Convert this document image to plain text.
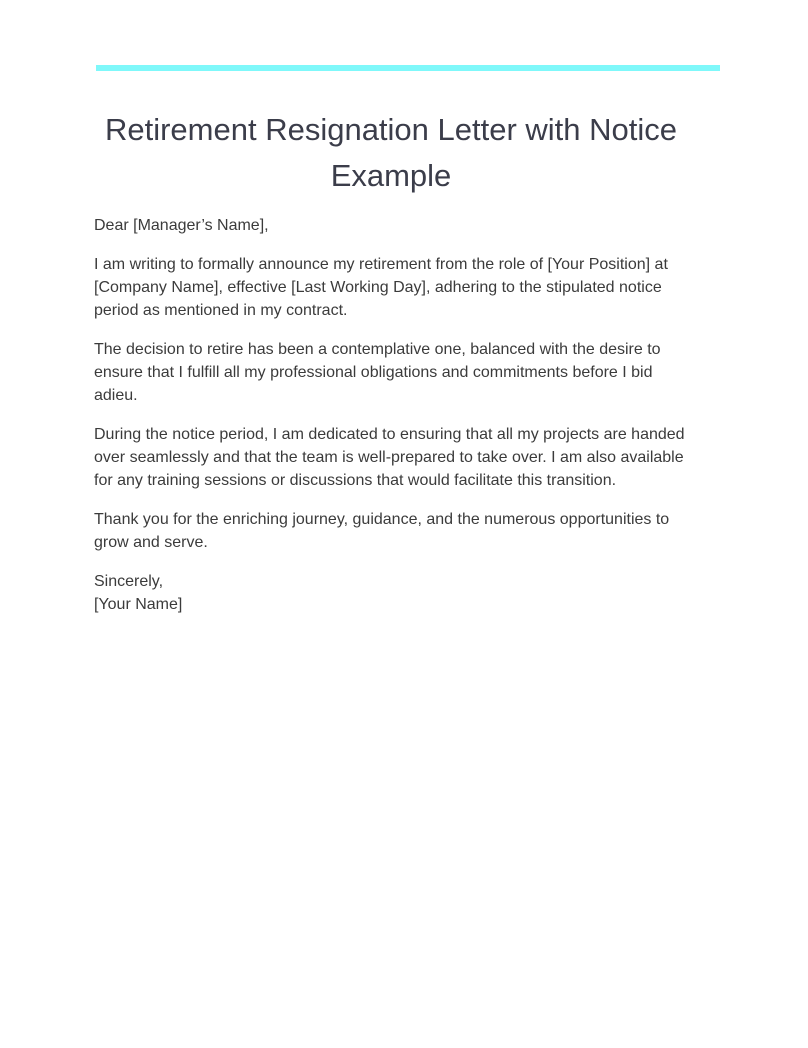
Retirement Resignation Letter with Notice Example

Dear [Manager’s Name],

I am writing to formally announce my retirement from the role of [Your Position] at [Company Name], effective [Last Working Day], adhering to the stipulated notice period as mentioned in my contract.

The decision to retire has been a contemplative one, balanced with the desire to ensure that I fulfill all my professional obligations and commitments before I bid adieu.

During the notice period, I am dedicated to ensuring that all my projects are handed over seamlessly and that the team is well-prepared to take over. I am also available for any training sessions or discussions that would facilitate this transition.

Thank you for the enriching journey, guidance, and the numerous opportunities to grow and serve.

Sincerely,
[Your Name]
